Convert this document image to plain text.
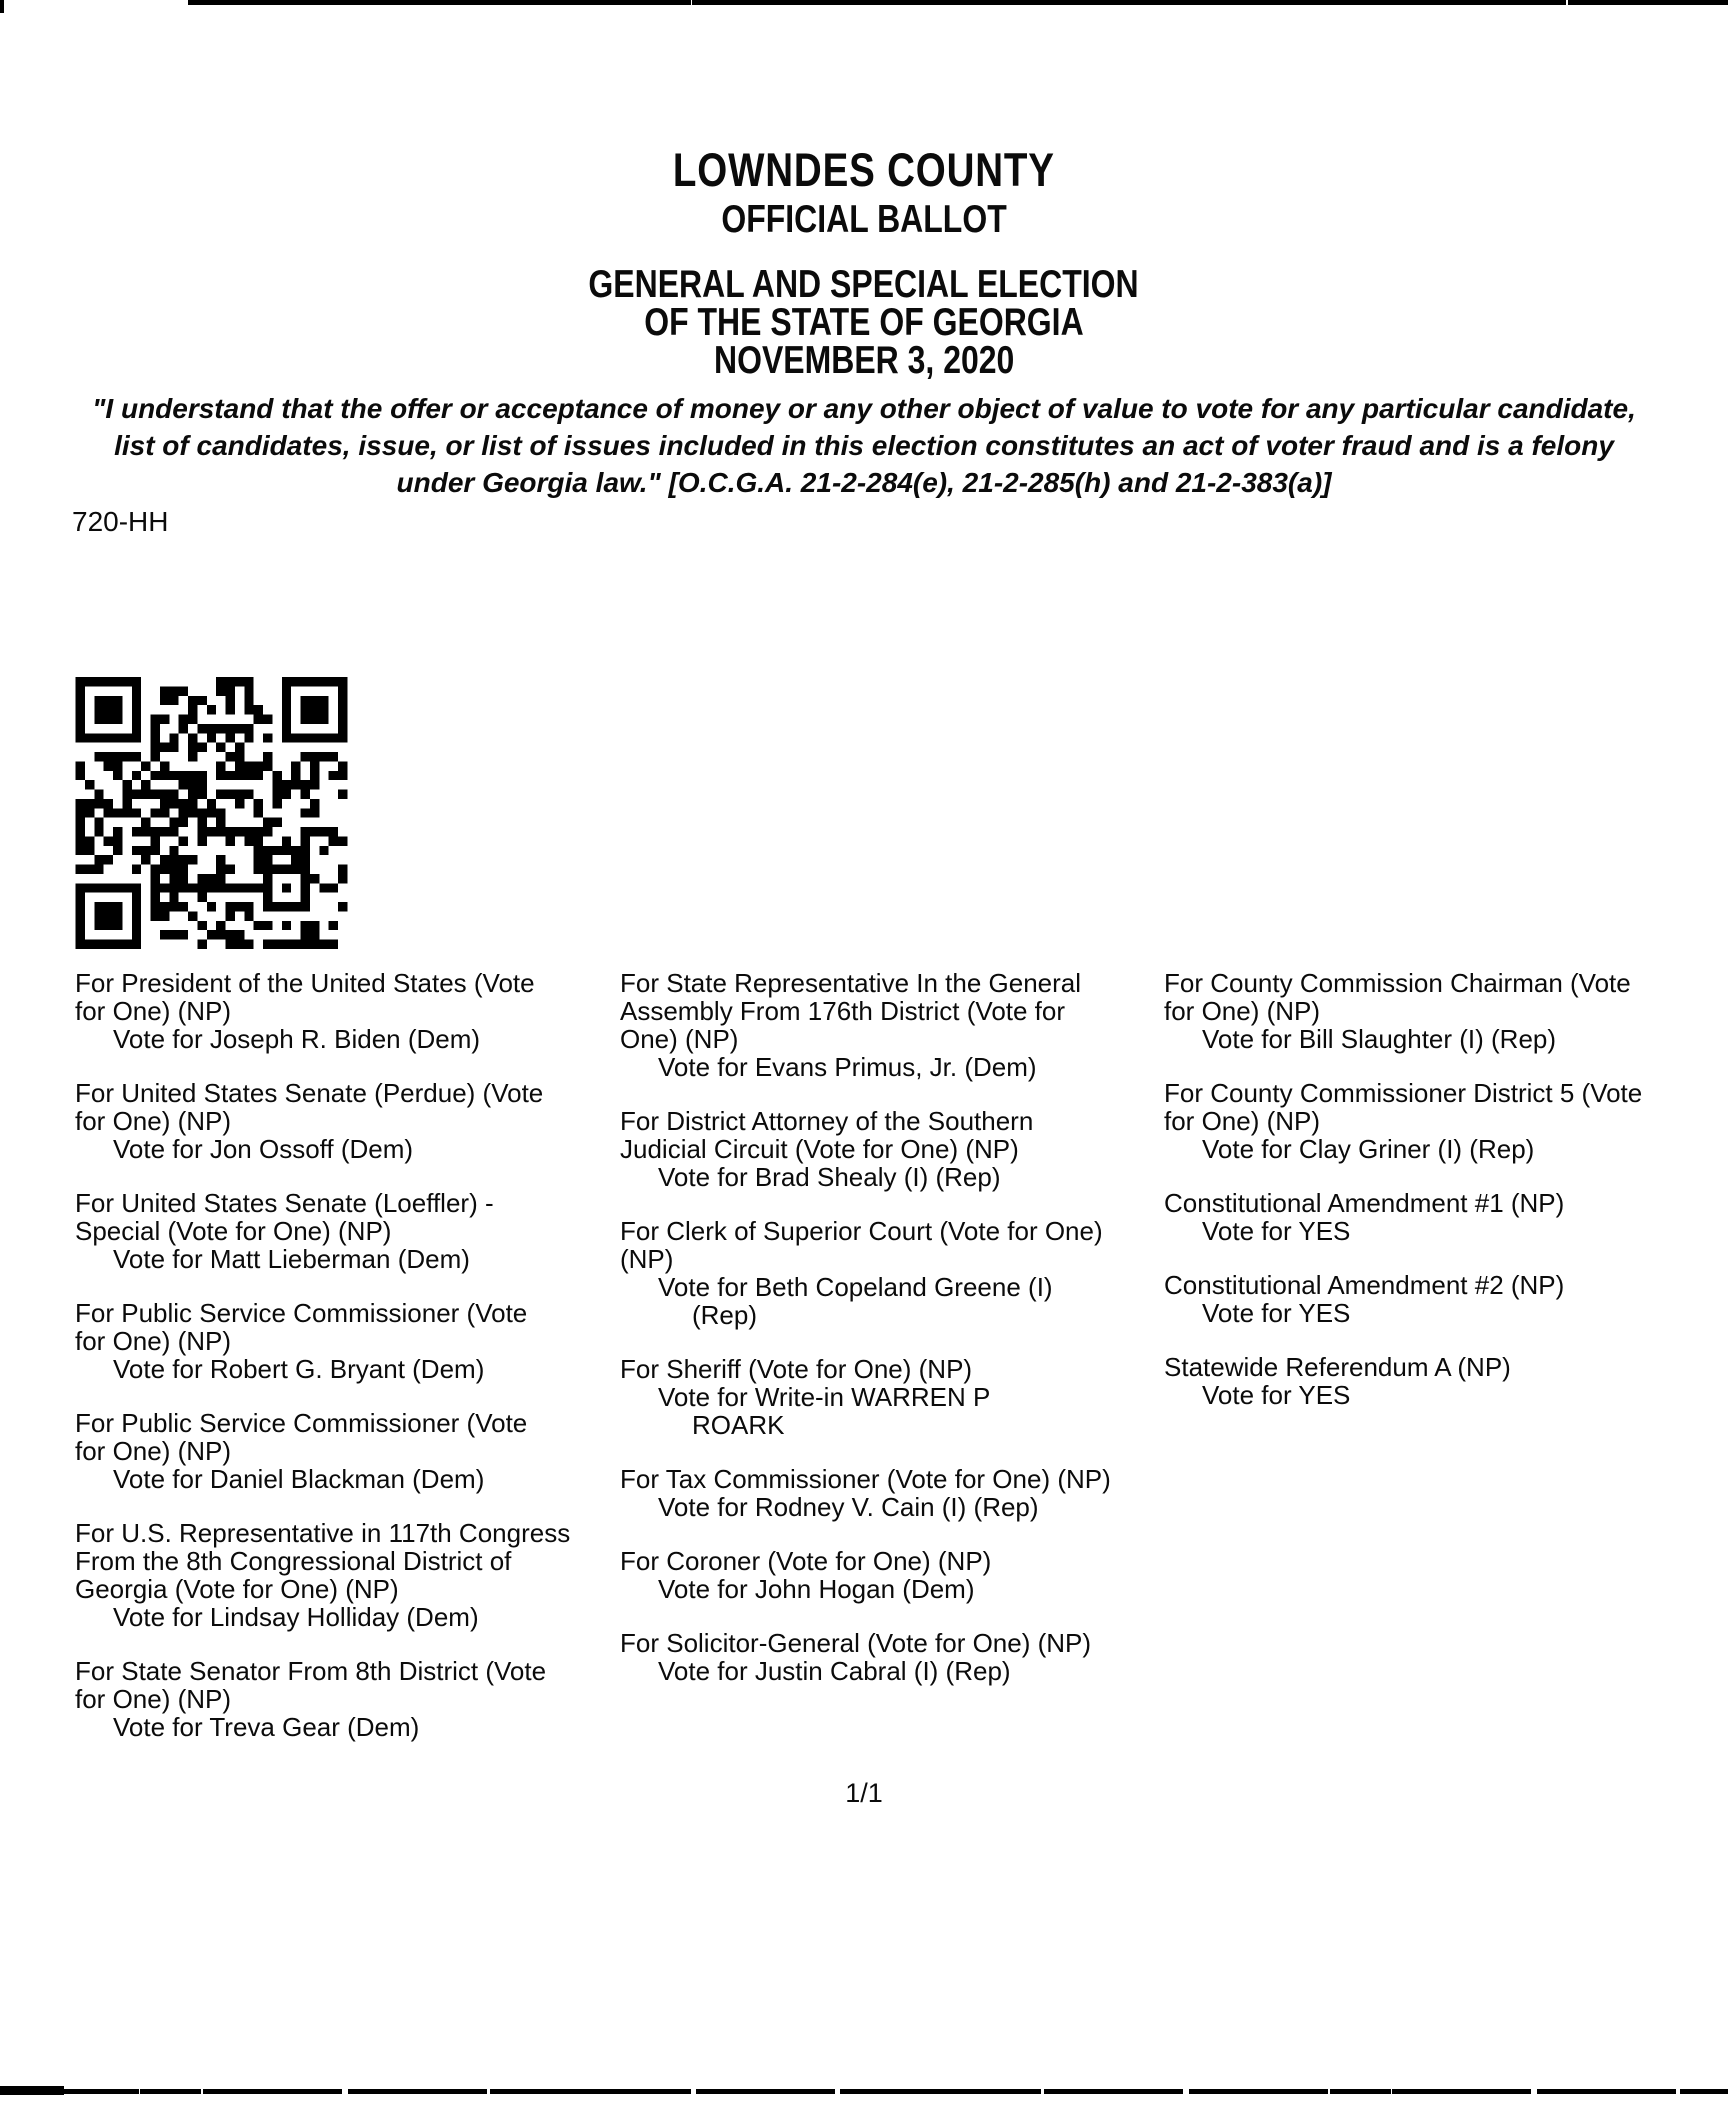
LOWNDES COUNTY
OFFICIAL BALLOT
GENERAL AND SPECIAL ELECTION
OF THE STATE OF GEORGIA
NOVEMBER 3, 2020
"I understand that the offer or acceptance of money or any other object of value to vote for any particular candidate,
list of candidates, issue, or list of issues included in this election constitutes an act of voter fraud and is a felony
under Georgia law." [O.C.G.A. 21-2-284(e), 21-2-285(h) and 21-2-383(a)]
720-HH
For President of the United States (Vote
for One) (NP)
Vote for Joseph R. Biden (Dem)
For United States Senate (Perdue) (Vote
for One) (NP)
Vote for Jon Ossoff (Dem)
For United States Senate (Loeffler) -
Special (Vote for One) (NP)
Vote for Matt Lieberman (Dem)
For Public Service Commissioner (Vote
for One) (NP)
Vote for Robert G. Bryant (Dem)
For Public Service Commissioner (Vote
for One) (NP)
Vote for Daniel Blackman (Dem)
For U.S. Representative in 117th Congress
From the 8th Congressional District of
Georgia (Vote for One) (NP)
Vote for Lindsay Holliday (Dem)
For State Senator From 8th District (Vote
for One) (NP)
Vote for Treva Gear (Dem)
For State Representative In the General
Assembly From 176th District (Vote for
One) (NP)
Vote for Evans Primus, Jr. (Dem)
For District Attorney of the Southern
Judicial Circuit (Vote for One) (NP)
Vote for Brad Shealy (I) (Rep)
For Clerk of Superior Court (Vote for One)
(NP)
Vote for Beth Copeland Greene (I)
(Rep)
For Sheriff (Vote for One) (NP)
Vote for Write-in WARREN P
ROARK
For Tax Commissioner (Vote for One) (NP)
Vote for Rodney V. Cain (I) (Rep)
For Coroner (Vote for One) (NP)
Vote for John Hogan (Dem)
For Solicitor-General (Vote for One) (NP)
Vote for Justin Cabral (I) (Rep)
For County Commission Chairman (Vote
for One) (NP)
Vote for Bill Slaughter (I) (Rep)
For County Commissioner District 5 (Vote
for One) (NP)
Vote for Clay Griner (I) (Rep)
Constitutional Amendment #1 (NP)
Vote for YES
Constitutional Amendment #2 (NP)
Vote for YES
Statewide Referendum A (NP)
Vote for YES
1/1
